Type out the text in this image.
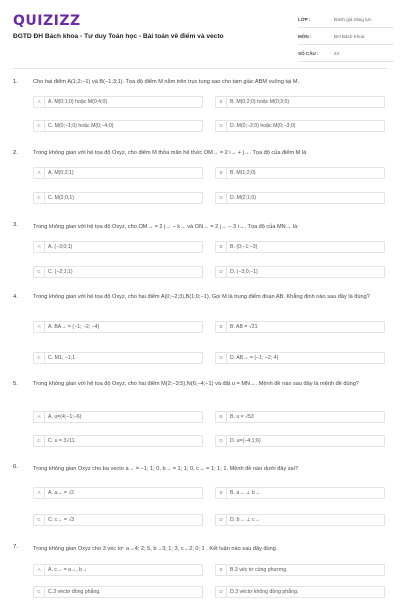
QUIZIZZ
ĐGTD ĐH Bách khoa - Tư duy Toán học - Bài toán về điểm và vecto
LỚP :	Đánh giá năng lực
MÔN :	ĐH Bách Khoa
SỐ CÂU :	24
1.	Cho hai điểm A(1;2;−1) và B(−1;3;1). Tọa độ điểm M nằm trên trục tung sao cho tam giác ABM vuông tại M.
A	A. M(0;1;0) hoặc M(0;4;0)	B	B. M(0;2;0) hoặc M(0;3;0)
C	C. M(0;−1;0) hoặc M(0;−4;0)	D	D. M(0;−2;0) hoặc M(0;−3;0)
2.	Trong không gian với hệ tọa độ Oxyz, cho điểm M thỏa mãn hệ thức OM→ = 2 i→ + j→. Tọa độ của điểm M là
A	A. M(0;2;1)	B	B. M(1;2;0)
C	C. M(2;0;1)	D	D. M(2;1;0)
3.	Trong không gian với hệ tọa độ Oxyz, cho OM→ = 2 j→ − k→ và ON→ = 2 j→ − 3 i→. Tọa độ của MN→ là:
A	A. (−3;0;1)	B	B. (0;−1;−3)
C	C. (−2;1;1)	D	D. (−3;0;−1)
4.	Trong không gian với hệ tọa độ Oxyz, cho hai điểm A(0;−2;3),B(1;0;−1). Gọi M là trung điểm đoạn AB. Khẳng định nào sau đây là đúng?
A	A. BA→ = (−1; −2; −4)	B	B. AB = √21
C	C. M1; −1;1	D	D. AB→ = (−1; −2; 4)
5.	Trong không gian với hệ tọa độ Oxyz, cho hai điểm M(2;−3;5),N(6;−4;−1) và đặt u = MN→. Mệnh đề nào sau đây là mệnh đề đúng?
A	A. u=(4;−1;−6)	B	B. u = √53
C	C. u = 3√11	D	D. u=(−4;1;6)
6.	Trong không gian Oxyz cho ba vecto a→ = −1; 1; 0, b→ = 1; 1; 0, c→ = 1; 1; 1. Mệnh đề nào dưới đây sai?
A	A. a→ = √2	B	B. a→ ⊥ b→
C	C. c→ = √3	D	D. b→ ⊥ c→
7.	Trong không gian Oxyz cho 3 véc tơ: a→4; 2; 5, b→3; 1; 3, c→2; 0; 1 . Kết luận nào sau đây đúng
A	A. c→ = a→, b→	B	B.3 véc tơ cùng phương.
C	C.3 véctơ đồng phẳng.	D	D.3 véctơ không đồng phẳng.
